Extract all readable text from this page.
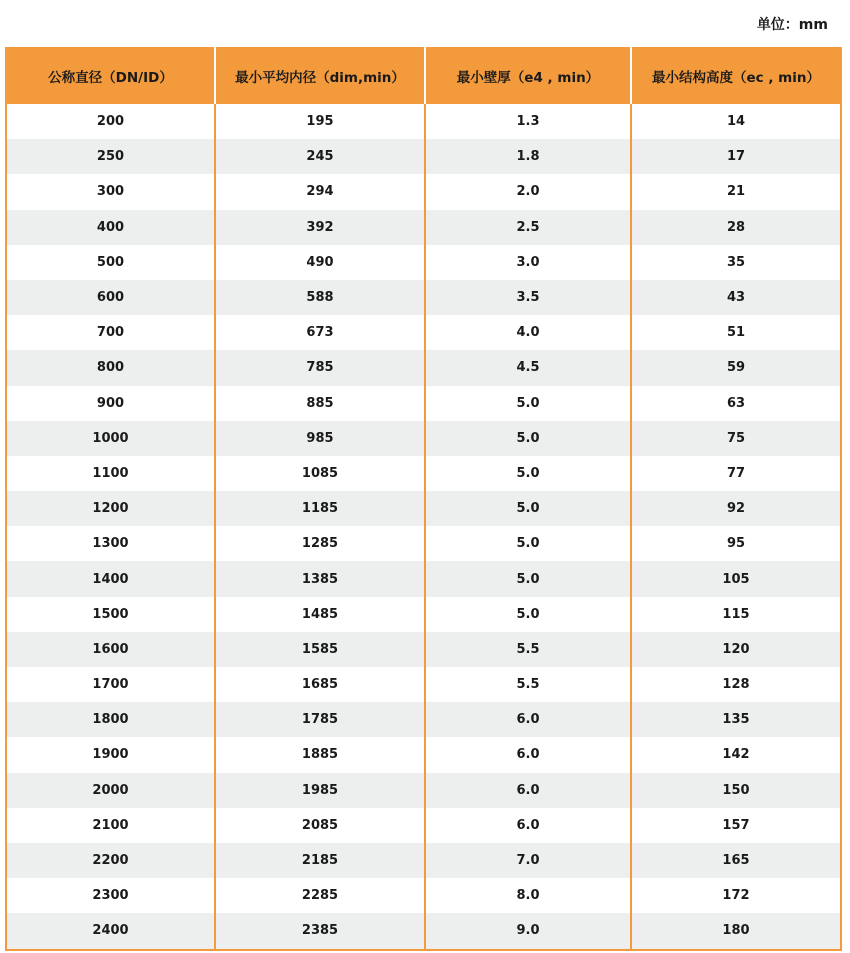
单位：mm
公称直径（DN/ID）	最小平均内径（dim,min）	最小壁厚（e4 , min）	最小结构高度（ec , min）
200	195	1.3	14
250	245	1.8	17
300	294	2.0	21
400	392	2.5	28
500	490	3.0	35
600	588	3.5	43
700	673	4.0	51
800	785	4.5	59
900	885	5.0	63
1000	985	5.0	75
1100	1085	5.0	77
1200	1185	5.0	92
1300	1285	5.0	95
1400	1385	5.0	105
1500	1485	5.0	115
1600	1585	5.5	120
1700	1685	5.5	128
1800	1785	6.0	135
1900	1885	6.0	142
2000	1985	6.0	150
2100	2085	6.0	157
2200	2185	7.0	165
2300	2285	8.0	172
2400	2385	9.0	180
